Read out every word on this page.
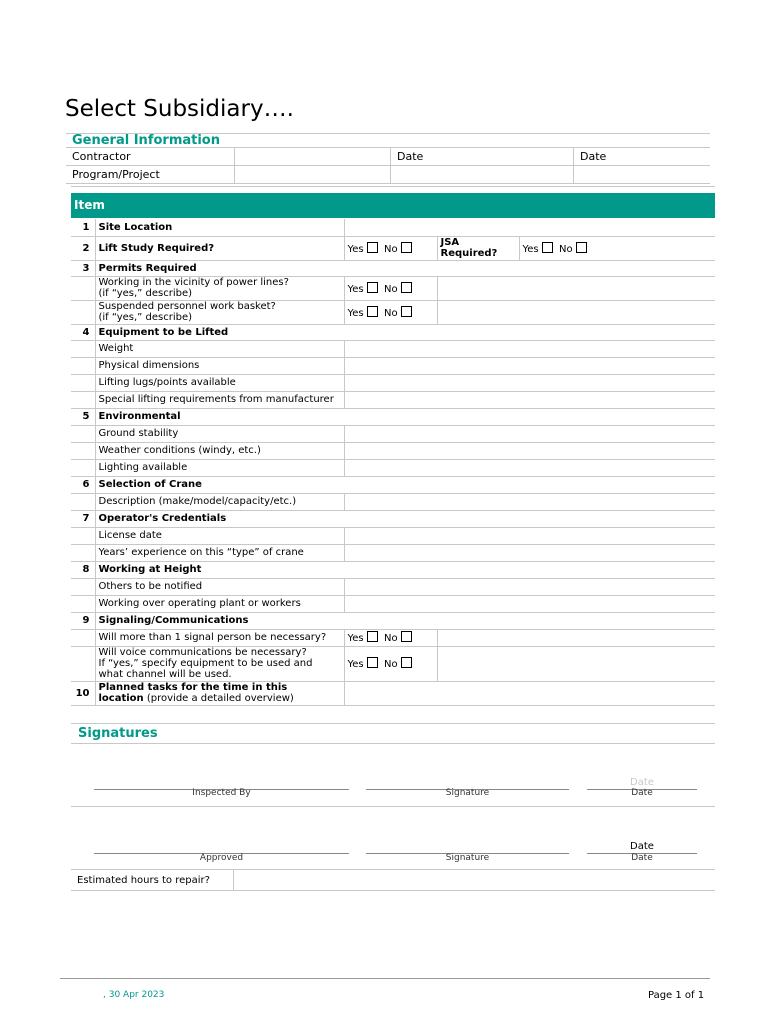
Select Subsidiary….
General Information
Contractor		Date	Date
Program/Project			
Item
1	Site Location			
2	Lift Study Required?	Yes No	JSA Required?	Yes No
3	Permits Required			
	Working in the vicinity of power lines?
(if “yes,” describe)	Yes No		
	Suspended personnel work basket?
(if “yes,” describe)	Yes No		
4	Equipment to be Lifted			
	Weight			
	Physical dimensions			
	Lifting lugs/points available			
	Special lifting requirements from manufacturer			
5	Environmental			
	Ground stability			
	Weather conditions (windy, etc.)			
	Lighting available			
6	Selection of Crane			
	Description (make/model/capacity/etc.)			
7	Operator's Credentials			
	License date			
	Years’ experience on this “type” of crane			
8	Working at Height			
	Others to be notified			
	Working over operating plant or workers			
9	Signaling/Communications			
	Will more than 1 signal person be necessary?	Yes No		
	Will voice communications be necessary?
If “yes,” specify equipment to be used and
what channel will be used.	Yes No		
10	Planned tasks for the time in this
location (provide a detailed overview)			
Signatures
Date
Inspected By	Signature	Date
Date
Approved	Signature	Date
Estimated hours to repair?	
, 30 Apr 2023	Page 1 of 1
